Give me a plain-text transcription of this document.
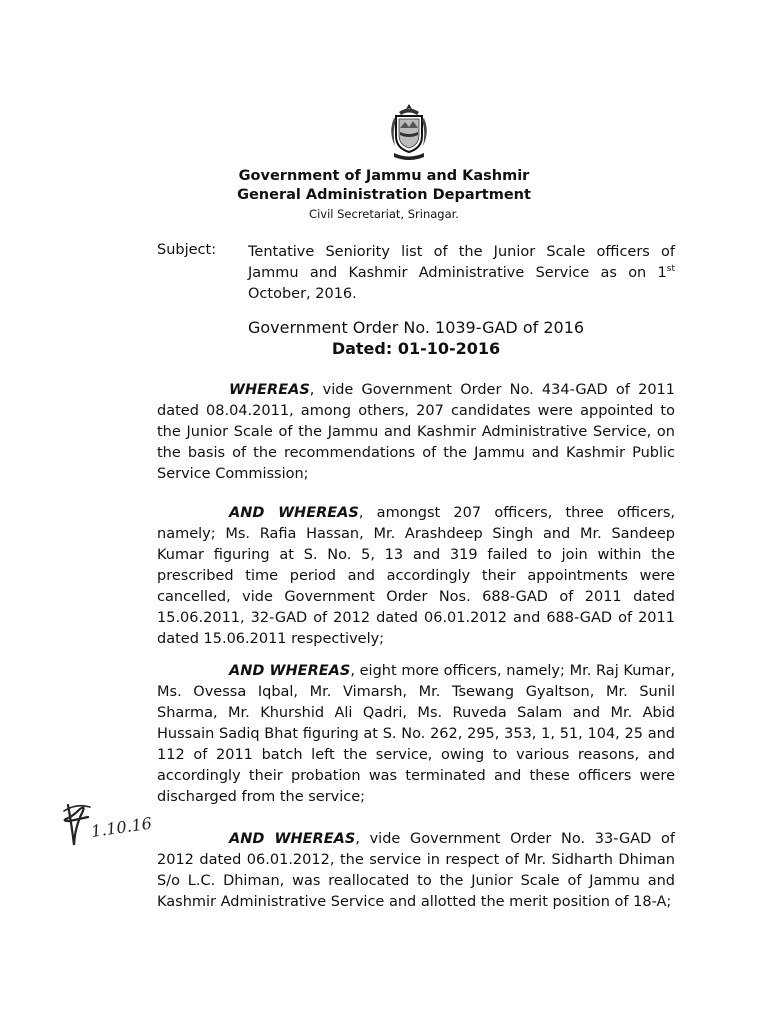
Government of Jammu and Kashmir
General Administration Department
Civil Secretariat, Srinagar.
Subject: Tentative Seniority list of the Junior Scale officers of Jammu and Kashmir Administrative Service as on 1st October, 2016.
Government Order No. 1039-GAD of 2016
Dated: 01-10-2016

WHEREAS, vide Government Order No. 434-GAD of 2011 dated 08.04.2011, among others, 207 candidates were appointed to the Junior Scale of the Jammu and Kashmir Administrative Service, on the basis of the recommendations of the Jammu and Kashmir Public Service Commission;

AND WHEREAS, amongst 207 officers, three officers, namely; Ms. Rafia Hassan, Mr. Arashdeep Singh and Mr. Sandeep Kumar figuring at S. No. 5, 13 and 319 failed to join within the prescribed time period and accordingly their appointments were cancelled, vide Government Order Nos. 688-GAD of 2011 dated 15.06.2011, 32-GAD of 2012 dated 06.01.2012 and 688-GAD of 2011 dated 15.06.2011 respectively;

AND WHEREAS, eight more officers, namely; Mr. Raj Kumar, Ms. Ovessa Iqbal, Mr. Vimarsh, Mr. Tsewang Gyaltson, Mr. Sunil Sharma, Mr. Khurshid Ali Qadri, Ms. Ruveda Salam and Mr. Abid Hussain Sadiq Bhat figuring at S. No. 262, 295, 353, 1, 51, 104, 25 and 112 of 2011 batch left the service, owing to various reasons, and accordingly their probation was terminated and these officers were discharged from the service;

AND WHEREAS, vide Government Order No. 33-GAD of 2012 dated 06.01.2012, the service in respect of Mr. Sidharth Dhiman S/o L.C. Dhiman, was reallocated to the Junior Scale of Jammu and Kashmir Administrative Service and allotted the merit position of 18-A;

1.10.16
